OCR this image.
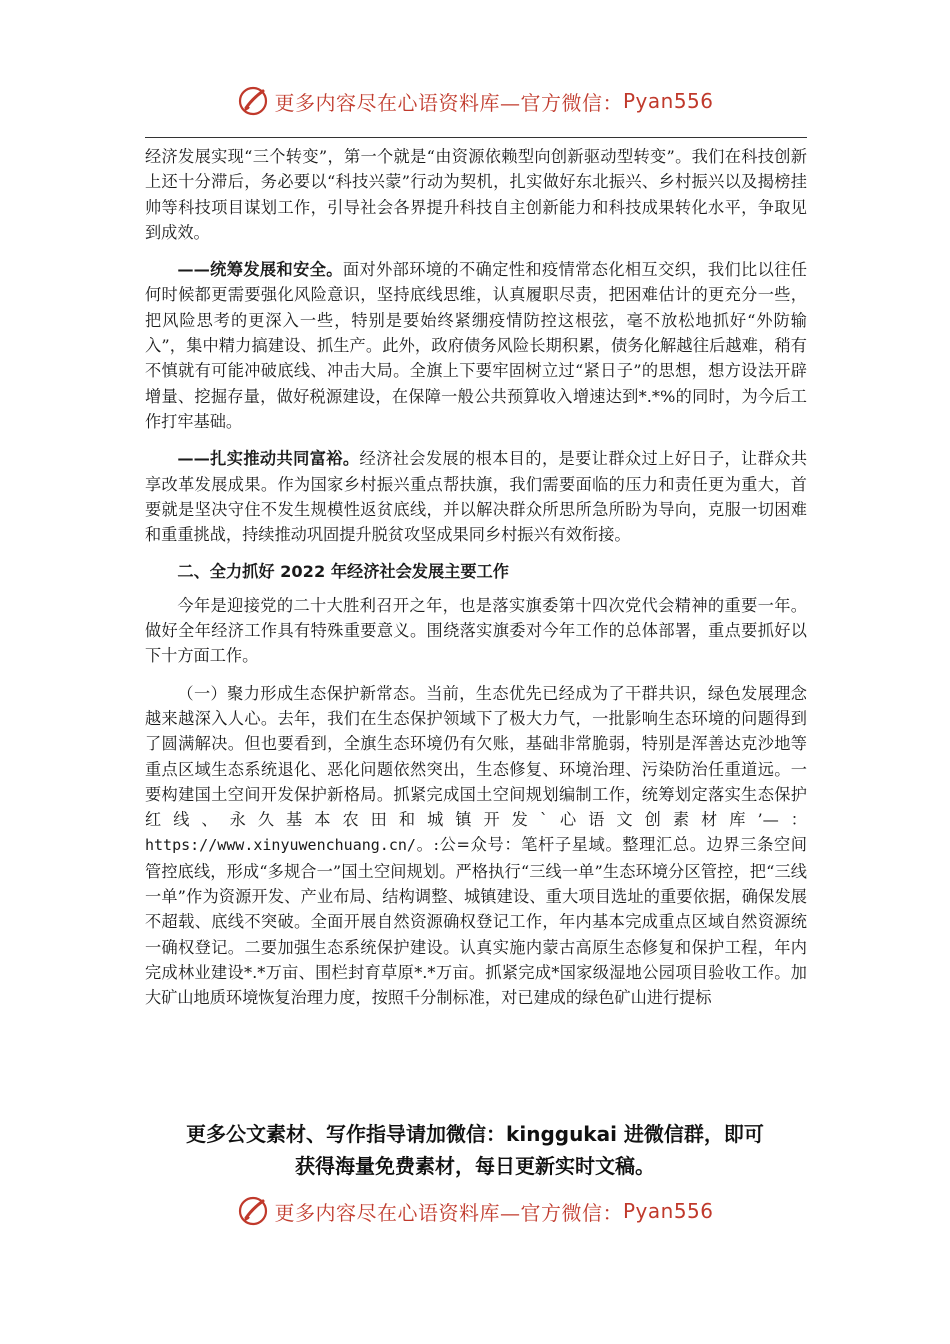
更多内容尽在心语资料库—官方微信： Pyan556

经济发展实现“三个转变”，第一个就是“由资源依赖型向创新驱动型转变”。我们在科技创新上还十分滞后，务必要以“科技兴蒙”行动为契机，扎实做好东北振兴、乡村振兴以及揭榜挂帅等科技项目谋划工作，引导社会各界提升科技自主创新能力和科技成果转化水平，争取见到成效。

——统筹发展和安全。面对外部环境的不确定性和疫情常态化相互交织，我们比以往任何时候都更需要强化风险意识，坚持底线思维，认真履职尽责，把困难估计的更充分一些，把风险思考的更深入一些，特别是要始终紧绷疫情防控这根弦，毫不放松地抓好“外防输入”，集中精力搞建设、抓生产。此外，政府债务风险长期积累，债务化解越往后越难，稍有不慎就有可能冲破底线、冲击大局。全旗上下要牢固树立过“紧日子”的思想，想方设法开辟增量、挖掘存量，做好税源建设，在保障一般公共预算收入增速达到*.*%的同时，为今后工作打牢基础。

——扎实推动共同富裕。经济社会发展的根本目的，是要让群众过上好日子，让群众共享改革发展成果。作为国家乡村振兴重点帮扶旗，我们需要面临的压力和责任更为重大，首要就是坚决守住不发生规模性返贫底线，并以解决群众所思所急所盼为导向，克服一切困难和重重挑战，持续推动巩固提升脱贫攻坚成果同乡村振兴有效衔接。

二、全力抓好 2022 年经济社会发展主要工作

今年是迎接党的二十大胜利召开之年，也是落实旗委第十四次党代会精神的重要一年。做好全年经济工作具有特殊重要意义。围绕落实旗委对今年工作的总体部署，重点要抓好以下十方面工作。

（一）聚力形成生态保护新常态。当前，生态优先已经成为了干群共识，绿色发展理念越来越深入人心。去年，我们在生态保护领域下了极大力气，一批影响生态环境的问题得到了圆满解决。但也要看到，全旗生态环境仍有欠账，基础非常脆弱，特别是浑善达克沙地等重点区域生态系统退化、恶化问题依然突出，生态修复、环境治理、污染防治任重道远。一要构建国土空间开发保护新格局。抓紧完成国土空间规划编制工作，统筹划定落实生态保护红线、永久基本农田和城镇开发`心语文创素材库’—：https://www.xinyuwenchuang.cn/。:公=众号：笔杆子星域。整理汇总。边界三条空间管控底线，形成“多规合一”国土空间规划。严格执行“三线一单”生态环境分区管控，把“三线一单”作为资源开发、产业布局、结构调整、城镇建设、重大项目选址的重要依据，确保发展不超载、底线不突破。全面开展自然资源确权登记工作，年内基本完成重点区域自然资源统一确权登记。二要加强生态系统保护建设。认真实施内蒙古高原生态修复和保护工程，年内完成林业建设*.*万亩、围栏封育草原*.*万亩。抓紧完成*国家级湿地公园项目验收工作。加大矿山地质环境恢复治理力度，按照千分制标准，对已建成的绿色矿山进行提标

更多公文素材、写作指导请加微信：kinggukai 进微信群，即可
获得海量免费素材，每日更新实时文稿。
更多内容尽在心语资料库—官方微信： Pyan556
